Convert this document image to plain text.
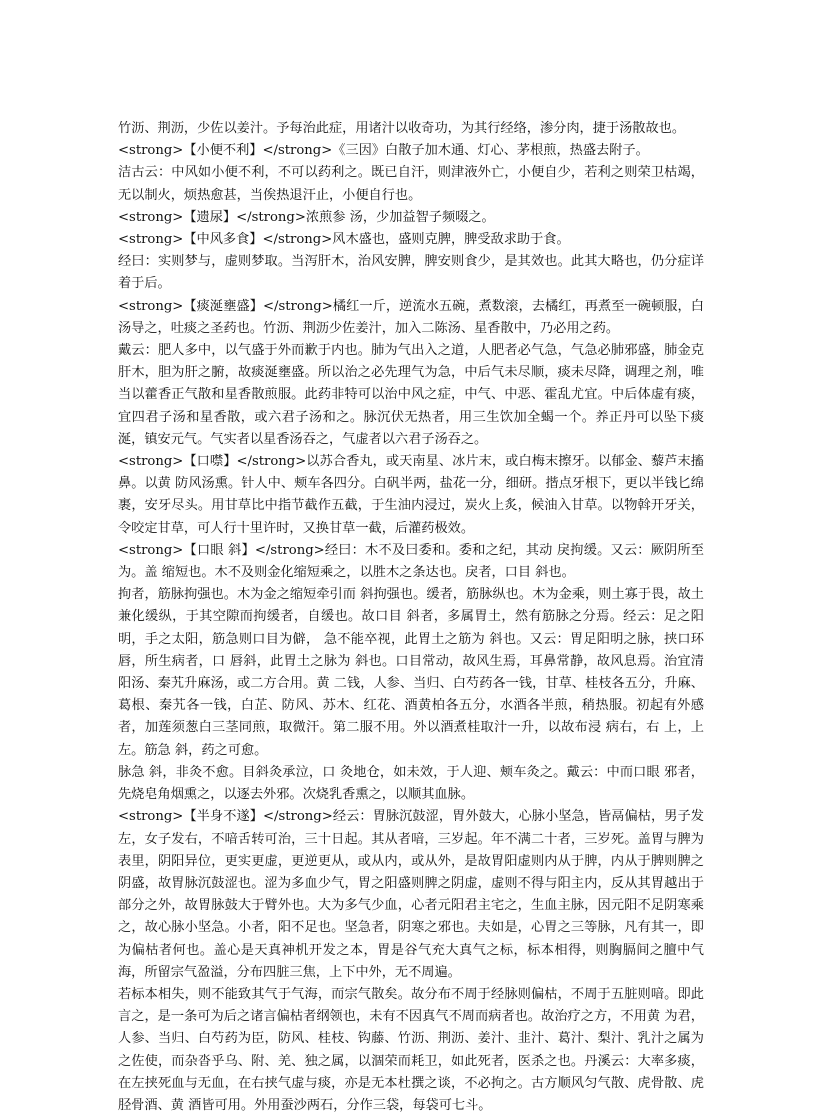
竹沥、荆沥，少佐以姜汁。予每治此症，用诸汁以收奇功，为其行经络，渗分肉，捷于汤散故也。

<strong>【小便不利】</strong>《三因》白散子加木通、灯心、茅根煎，热盛去附子。

洁古云：中风如小便不利，不可以药利之。既已自汗，则津液外亡，小便自少，若利之则荣卫枯竭，无以制火，烦热愈甚，当俟热退汗止，小便自行也。

<strong>【遗尿】</strong>浓煎参 汤，少加益智子频啜之。

<strong>【中风多食】</strong>风木盛也，盛则克脾，脾受敌求助于食。

经曰：实则梦与，虚则梦取。当泻肝木，治风安脾，脾安则食少，是其效也。此其大略也，仍分症详着于后。

<strong>【痰涎壅盛】</strong>橘红一斤，逆流水五碗，煮数滚，去橘红，再煮至一碗顿服，白汤导之，吐痰之圣药也。竹沥、荆沥少佐姜汁，加入二陈汤、星香散中，乃必用之药。

戴云：肥人多中，以气盛于外而歉于内也。肺为气出入之道，人肥者必气急，气急必肺邪盛，肺金克肝木，胆为肝之腑，故痰涎壅盛。所以治之必先理气为急，中后气未尽顺，痰未尽降，调理之剂，唯当以藿香正气散和星香散煎服。此药非特可以治中风之症，中气、中恶、霍乱尤宜。中后体虚有痰，宜四君子汤和星香散，或六君子汤和之。脉沉伏无热者，用三生饮加全蝎一个。养正丹可以坠下痰涎，镇安元气。气实者以星香汤吞之，气虚者以六君子汤吞之。

<strong>【口噤】</strong>以苏合香丸，或天南星、冰片末，或白梅末擦牙。以郁金、藜芦末搐鼻。以黄 防风汤熏。针人中、颊车各四分。白矾半两，盐花一分，细研。揩点牙根下，更以半钱匕绵裹，安牙尽头。用甘草比中指节截作五截，于生油内浸过，炭火上炙，候油入甘草。以物斡开牙关，令咬定甘草，可人行十里许时，又换甘草一截，后灌药极效。

<strong>【口眼 斜】</strong>经曰：木不及曰委和。委和之纪，其动 戾拘缓。又云：厥阴所至为。盖 缩短也。木不及则金化缩短乘之，以胜木之条达也。戾者，口目 斜也。

拘者，筋脉拘强也。木为金之缩短牵引而 斜拘强也。缓者，筋脉纵也。木为金乘，则土寡于畏，故土兼化缓纵，于其空隙而拘缓者，自缓也。故口目 斜者，多属胃土，然有筋脉之分焉。经云：足之阳明，手之太阳，筋急则口目为僻， 急不能卒视，此胃土之筋为 斜也。又云：胃足阳明之脉，挟口环唇，所生病者，口 唇斜，此胃土之脉为 斜也。口目常动，故风生焉，耳鼻常静，故风息焉。治宜清阳汤、秦艽升麻汤，或二方合用。黄 二钱，人参、当归、白芍药各一钱，甘草、桂枝各五分，升麻、葛根、秦艽各一钱，白芷、防风、苏木、红花、酒黄柏各五分，水酒各半煎，稍热服。初起有外感者，加莲须葱白三茎同煎，取微汗。第二服不用。外以酒煮桂取汁一升，以故布浸 病右，右 上，上 左。筋急 斜，药之可愈。

脉急 斜，非灸不愈。目斜灸承泣，口 灸地仓，如未效，于人迎、颊车灸之。戴云：中而口眼 邪者，先烧皂角烟熏之，以逐去外邪。次烧乳香熏之，以顺其血脉。

<strong>【半身不遂】</strong>经云：胃脉沉鼓涩，胃外鼓大，心脉小坚急，皆鬲偏枯，男子发左，女子发右，不喑舌转可治，三十日起。其从者喑，三岁起。年不满二十者，三岁死。盖胃与脾为表里，阴阳异位，更实更虚，更逆更从，或从内，或从外，是故胃阳虚则内从于脾，内从于脾则脾之阴盛，故胃脉沉鼓涩也。涩为多血少气，胃之阳盛则脾之阴虚，虚则不得与阳主内，反从其胃越出于部分之外，故胃脉鼓大于臂外也。大为多气少血，心者元阳君主宅之，生血主脉，因元阳不足阴寒乘之，故心脉小坚急。小者，阳不足也。坚急者，阴寒之邪也。夫如是，心胃之三等脉，凡有其一，即为偏枯者何也。盖心是天真神机开发之本，胃是谷气充大真气之标，标本相得，则胸膈间之膻中气海，所留宗气盈溢，分布四脏三焦，上下中外，无不周遍。

若标本相失，则不能致其气于气海，而宗气散矣。故分布不周于经脉则偏枯，不周于五脏则喑。即此言之，是一条可为后之诸言偏枯者纲领也，未有不因真气不周而病者也。故治疗之方，不用黄 为君，人参、当归、白芍药为臣，防风、桂枝、钩藤、竹沥、荆沥、姜汁、韭汁、葛汁、梨汁、乳汁之属为之佐使，而杂沓乎乌、附、羌、独之属，以涸荣而耗卫，如此死者，医杀之也。丹溪云：大率多痰，在左挟死血与无血，在右挟气虚与痰，亦是无本杜撰之谈，不必拘之。古方顺风匀气散、虎骨散、虎胫骨酒、黄 酒皆可用。外用蚕沙两石，分作三袋，每袋可七斗。
